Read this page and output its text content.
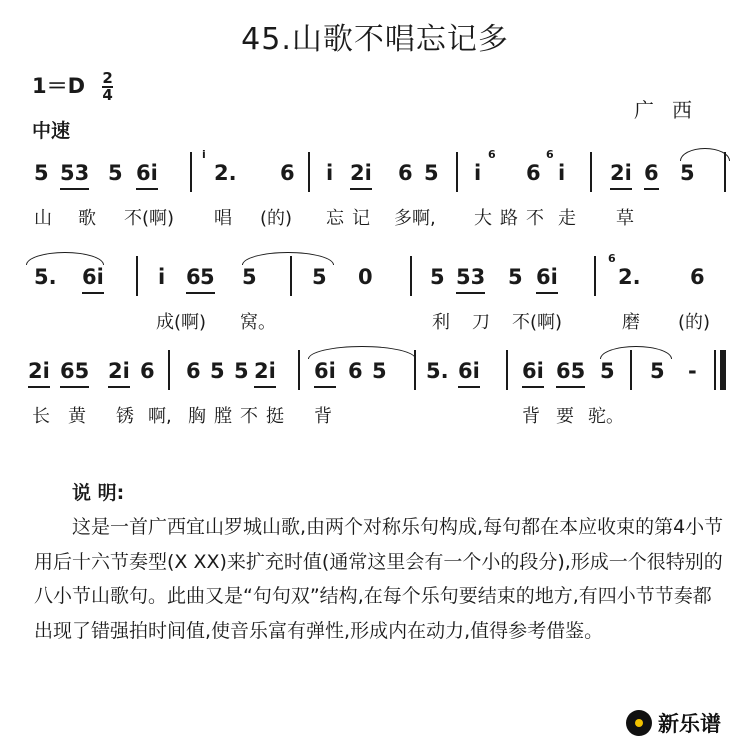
45.山歌不唱忘记多
$1=D \frac{2}{4}$
中速
广西
5 53 5 6i
i
2. 6 i 2i 6 5
6
i 6
6
i 2i 6 5
山 歌 不(啊) 唱 (的) 忘 记 多啊, 大 路 不 走 草
5. 6i	i 6 5 5	5 0	5 53 5 6i
6
2. 6
成(啊) 窝。	利 刀 不(啊)	磨 (的)
2i 65 2i 6 6 5 5 2i 6i 6 5 5. 6i 6i 65 5 5 -
长 黄 锈 啊, 胸 膛 不 挺 背	背 要 驼。
说 明:
这是一首广西宜山罗城山歌,由两个对称乐句构成,每句都在本应收束的第4小节用后十六节奏型(X XX)来扩充时值(通常这里会有一个小的段分),形成一个很特别的八小节山歌句。此曲又是“句句双”结构,在每个乐句要结束的地方,有四小节节奏都出现了错强拍时间值,使音乐富有弹性,形成内在动力,值得参考借鉴。
新乐谱
